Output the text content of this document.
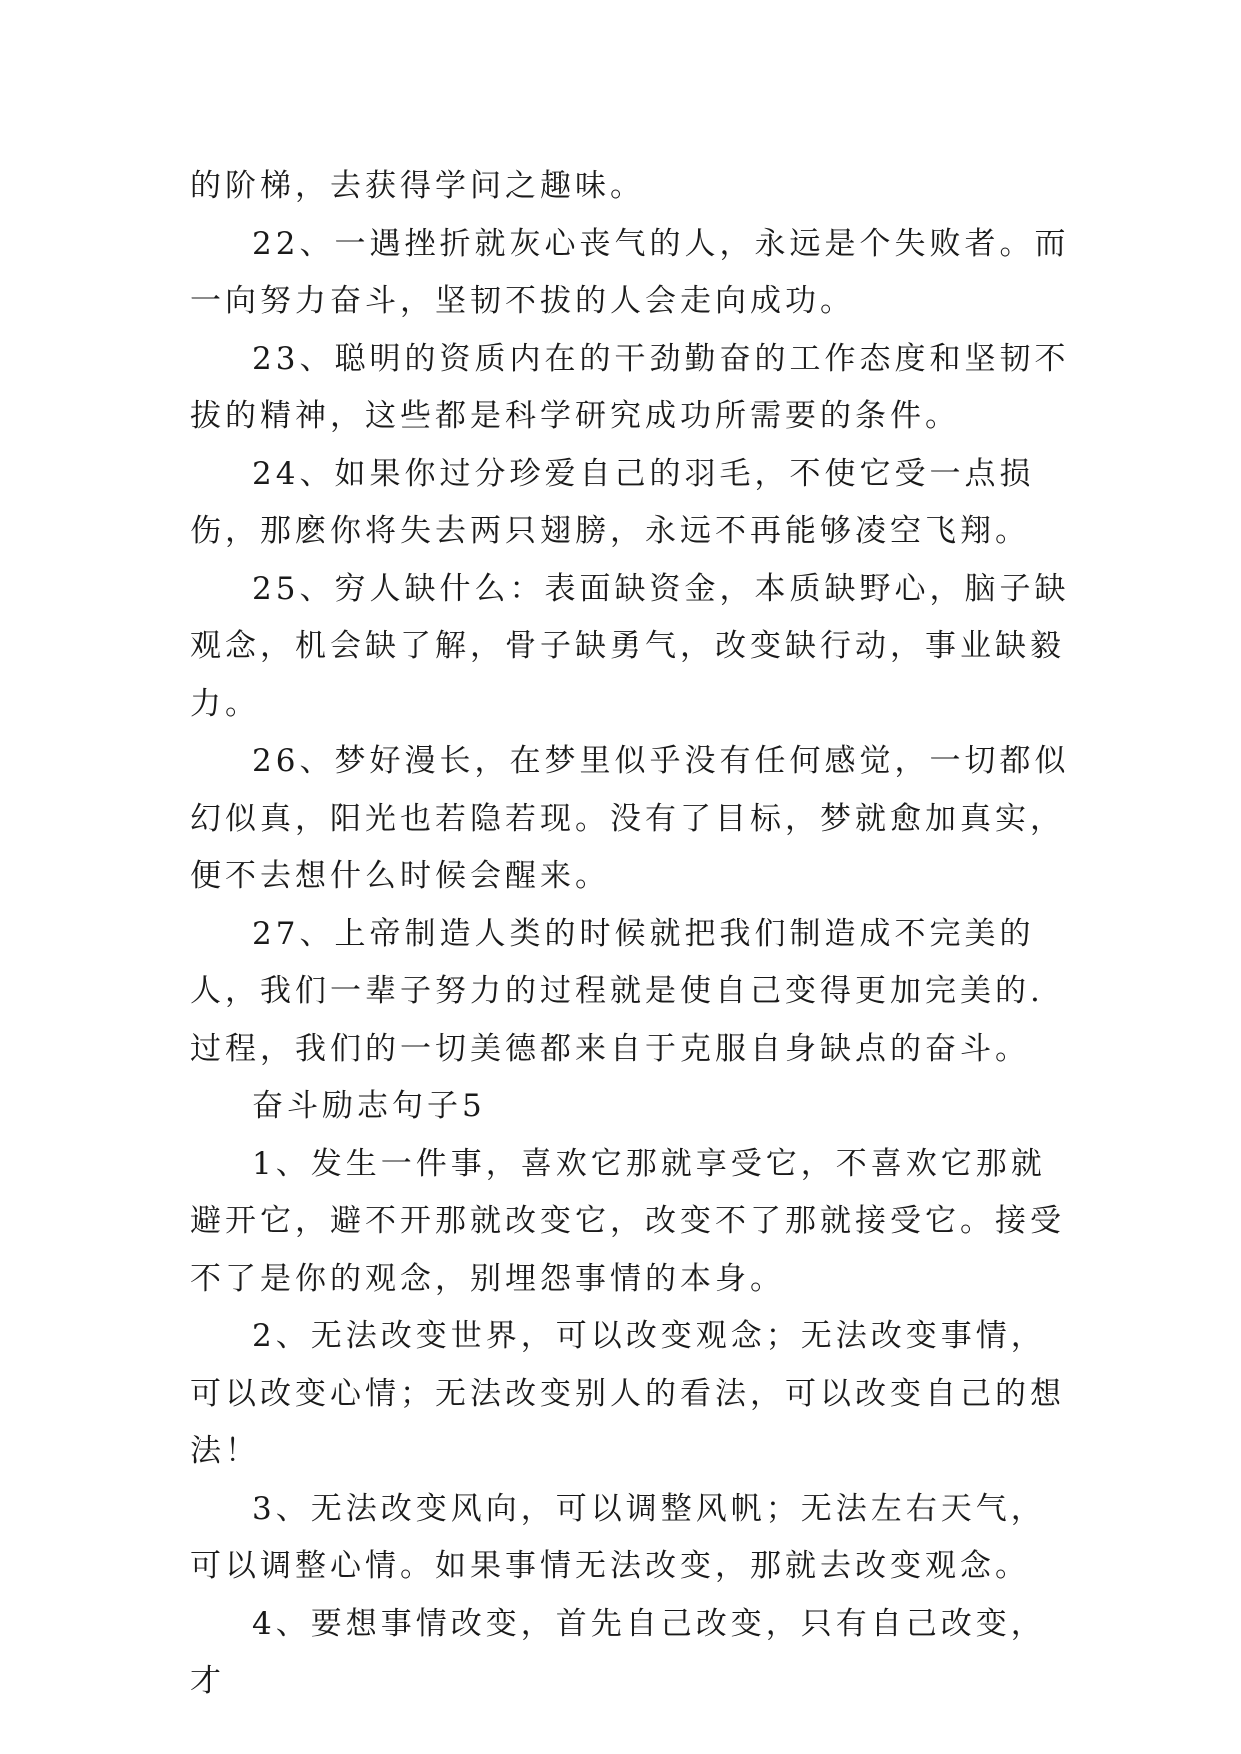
的阶梯，去获得学问之趣味。

22、一遇挫折就灰心丧气的人，永远是个失败者。而一向努力奋斗，坚韧不拔的人会走向成功。

23、聪明的资质内在的干劲勤奋的工作态度和坚韧不拔的精神，这些都是科学研究成功所需要的条件。

24、如果你过分珍爱自己的羽毛，不使它受一点损伤，那麽你将失去两只翅膀，永远不再能够凌空飞翔。

25、穷人缺什么：表面缺资金，本质缺野心，脑子缺观念，机会缺了解，骨子缺勇气，改变缺行动，事业缺毅力。

26、梦好漫长，在梦里似乎没有任何感觉，一切都似幻似真，阳光也若隐若现。没有了目标，梦就愈加真实，便不去想什么时候会醒来。

27、上帝制造人类的时候就把我们制造成不完美的人，我们一辈子努力的过程就是使自己变得更加完美的.过程，我们的一切美德都来自于克服自身缺点的奋斗。

奋斗励志句子5

1、发生一件事，喜欢它那就享受它，不喜欢它那就避开它，避不开那就改变它，改变不了那就接受它。接受不了是你的观念，别埋怨事情的本身。

2、无法改变世界，可以改变观念；无法改变事情，可以改变心情；无法改变别人的看法，可以改变自己的想法！

3、无法改变风向，可以调整风帆；无法左右天气，可以调整心情。如果事情无法改变，那就去改变观念。

4、要想事情改变，首先自己改变，只有自己改变，才
